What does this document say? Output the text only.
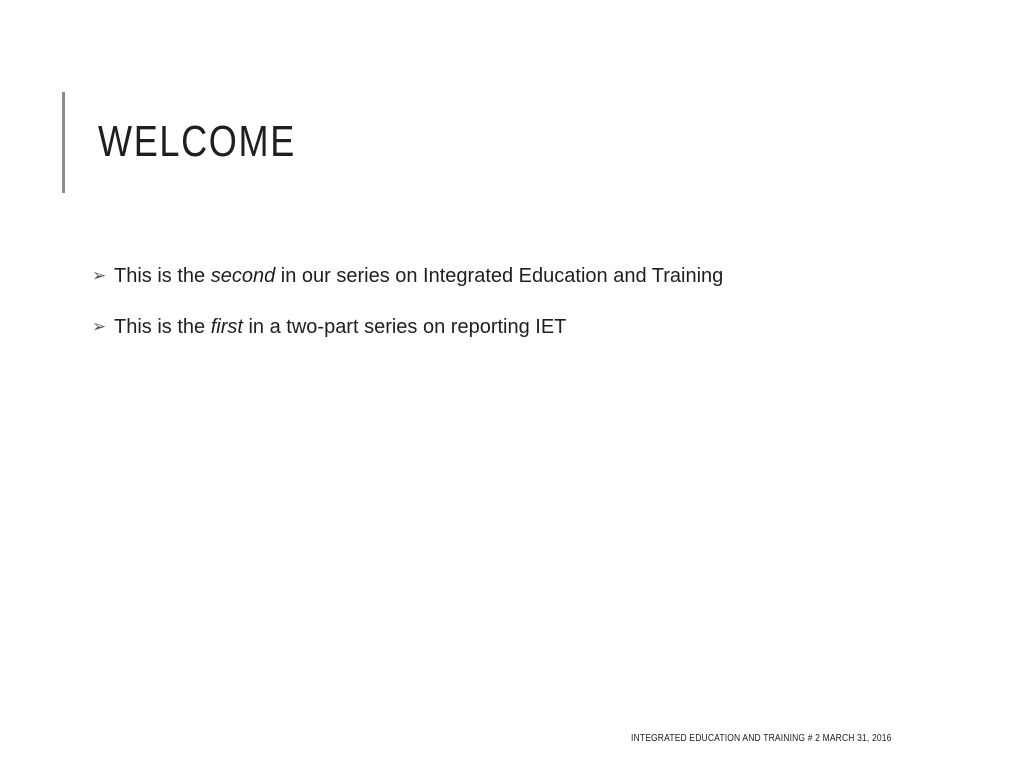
WELCOME
➢ This is the second in our series on Integrated Education and Training
➢ This is the first in a two-part series on reporting IET
INTEGRATED EDUCATION AND TRAINING # 2 MARCH 31, 2016
